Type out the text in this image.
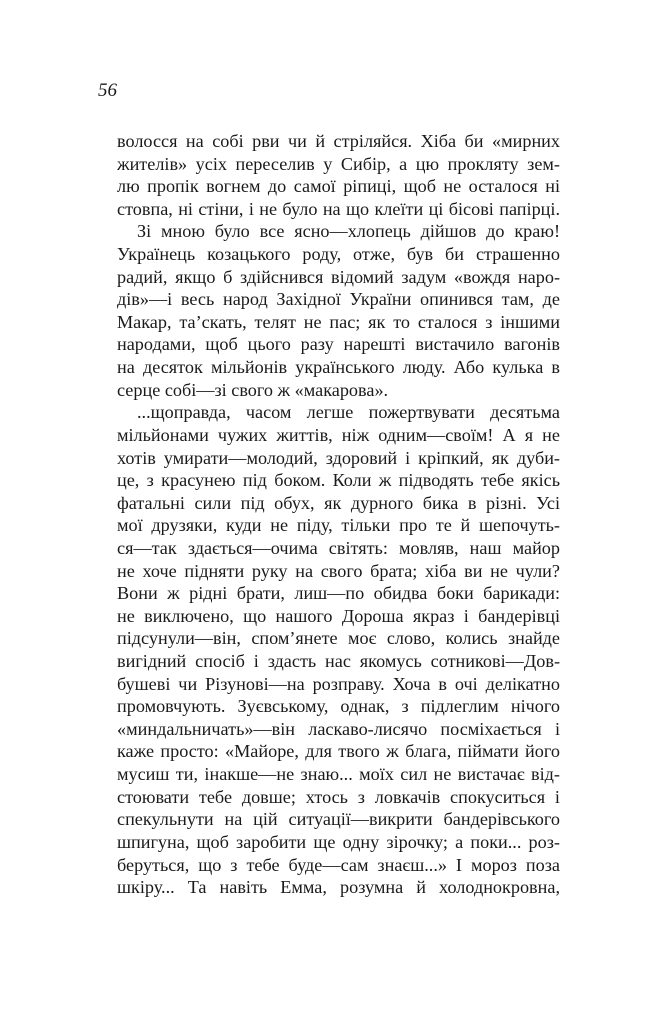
56
волосся на собі рви чи й стріляйся. Хіба би «мирних
жителів» усіх переселив у Сибір, а цю прокляту зем-
лю пропік вогнем до самої ріпиці, щоб не осталося ні
стовпа, ні стіни, і не було на що клеїти ці бісові папірці.
Зі мною було все ясно—хлопець дійшов до краю!
Українець козацького роду, отже, був би страшенно
радий, якщо б здійснився відомий задум «вождя наро-
дів»—і весь народ Західної України опинився там, де
Макар, та’скать, телят не пас; як то сталося з іншими
народами, щоб цього разу нарешті вистачило вагонів
на десяток мільйонів українського люду. Або кулька в
серце собі—зі свого ж «макарова».
...щоправда, часом легше пожертвувати десятьма
мільйонами чужих життів, ніж одним—своїм! А я не
хотів умирати—молодий, здоровий і кріпкий, як дуби-
це, з красунею під боком. Коли ж підводять тебе якісь
фатальні сили під обух, як дурного бика в різні. Усі
мої друзяки, куди не піду, тільки про те й шепочуть-
ся—так здається—очима світять: мовляв, наш майор
не хоче підняти руку на свого брата; хіба ви не чули?
Вони ж рідні брати, лиш—по обидва боки барикади:
не виключено, що нашого Дороша якраз і бандерівці
підсунули—він, спом’янете моє слово, колись знайде
вигідний спосіб і здасть нас якомусь сотникові—Дов-
бушеві чи Різунові—на розправу. Хоча в очі делікатно
промовчують. Зуєвському, однак, з підлеглим нічого
«миндальничать»—він ласкаво-лисячо посміхається і
каже просто: «Майоре, для твого ж блага, піймати його
мусиш ти, інакше—не знаю... моїх сил не вистачає від-
стоювати тебе довше; хтось з ловкачів спокуситься і
спекульнути на цій ситуації—викрити бандерівського
шпигуна, щоб заробити ще одну зірочку; а поки... роз-
беруться, що з тебе буде—сам знаєш...» І мороз поза
шкіру... Та навіть Емма, розумна й холоднокровна,
